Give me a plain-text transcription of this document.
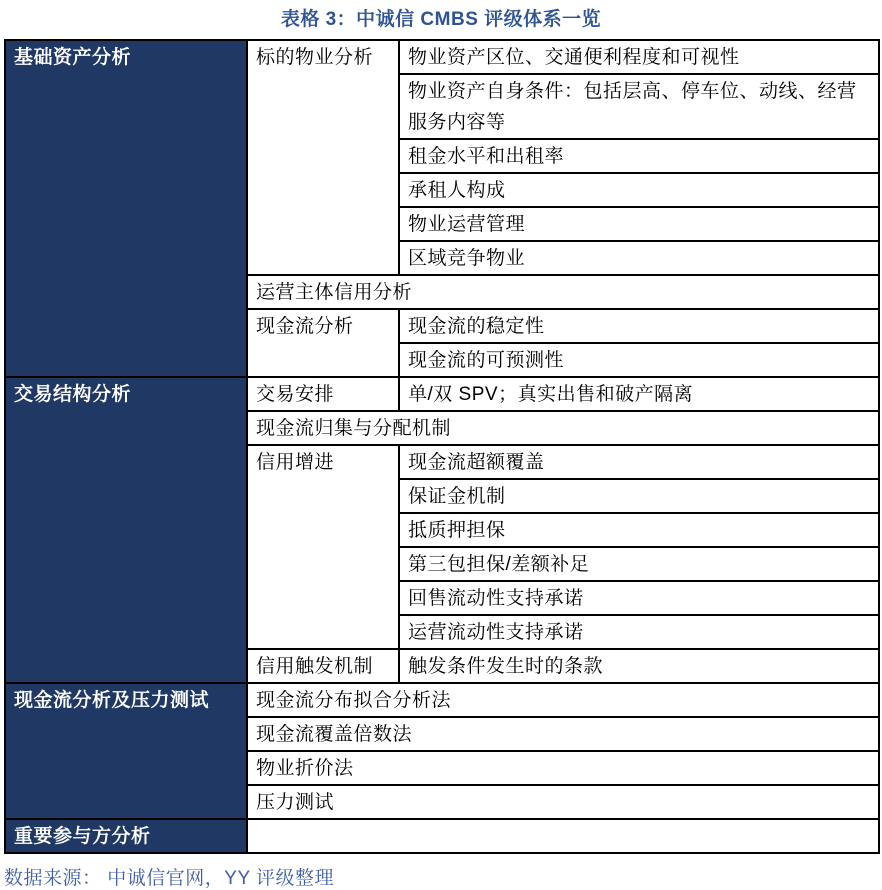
表格 3：中诚信 CMBS 评级体系一览
基础资产分析	标的物业分析	物业资产区位、交通便利程度和可视性
		物业资产自身条件：包括层高、停车位、动线、经营服务内容等
		租金水平和出租率
		承租人构成
		物业运营管理
		区域竞争物业
	运营主体信用分析	
	现金流分析	现金流的稳定性
		现金流的可预测性
交易结构分析	交易安排	单/双 SPV；真实出售和破产隔离
	现金流归集与分配机制	
	信用增进	现金流超额覆盖
		保证金机制
		抵质押担保
		第三包担保/差额补足
		回售流动性支持承诺
		运营流动性支持承诺
	信用触发机制	触发条件发生时的条款
现金流分析及压力测试	现金流分布拟合分析法	
	现金流覆盖倍数法	
	物业折价法	
	压力测试	
重要参与方分析		
数据来源： 中诚信官网，YY 评级整理
